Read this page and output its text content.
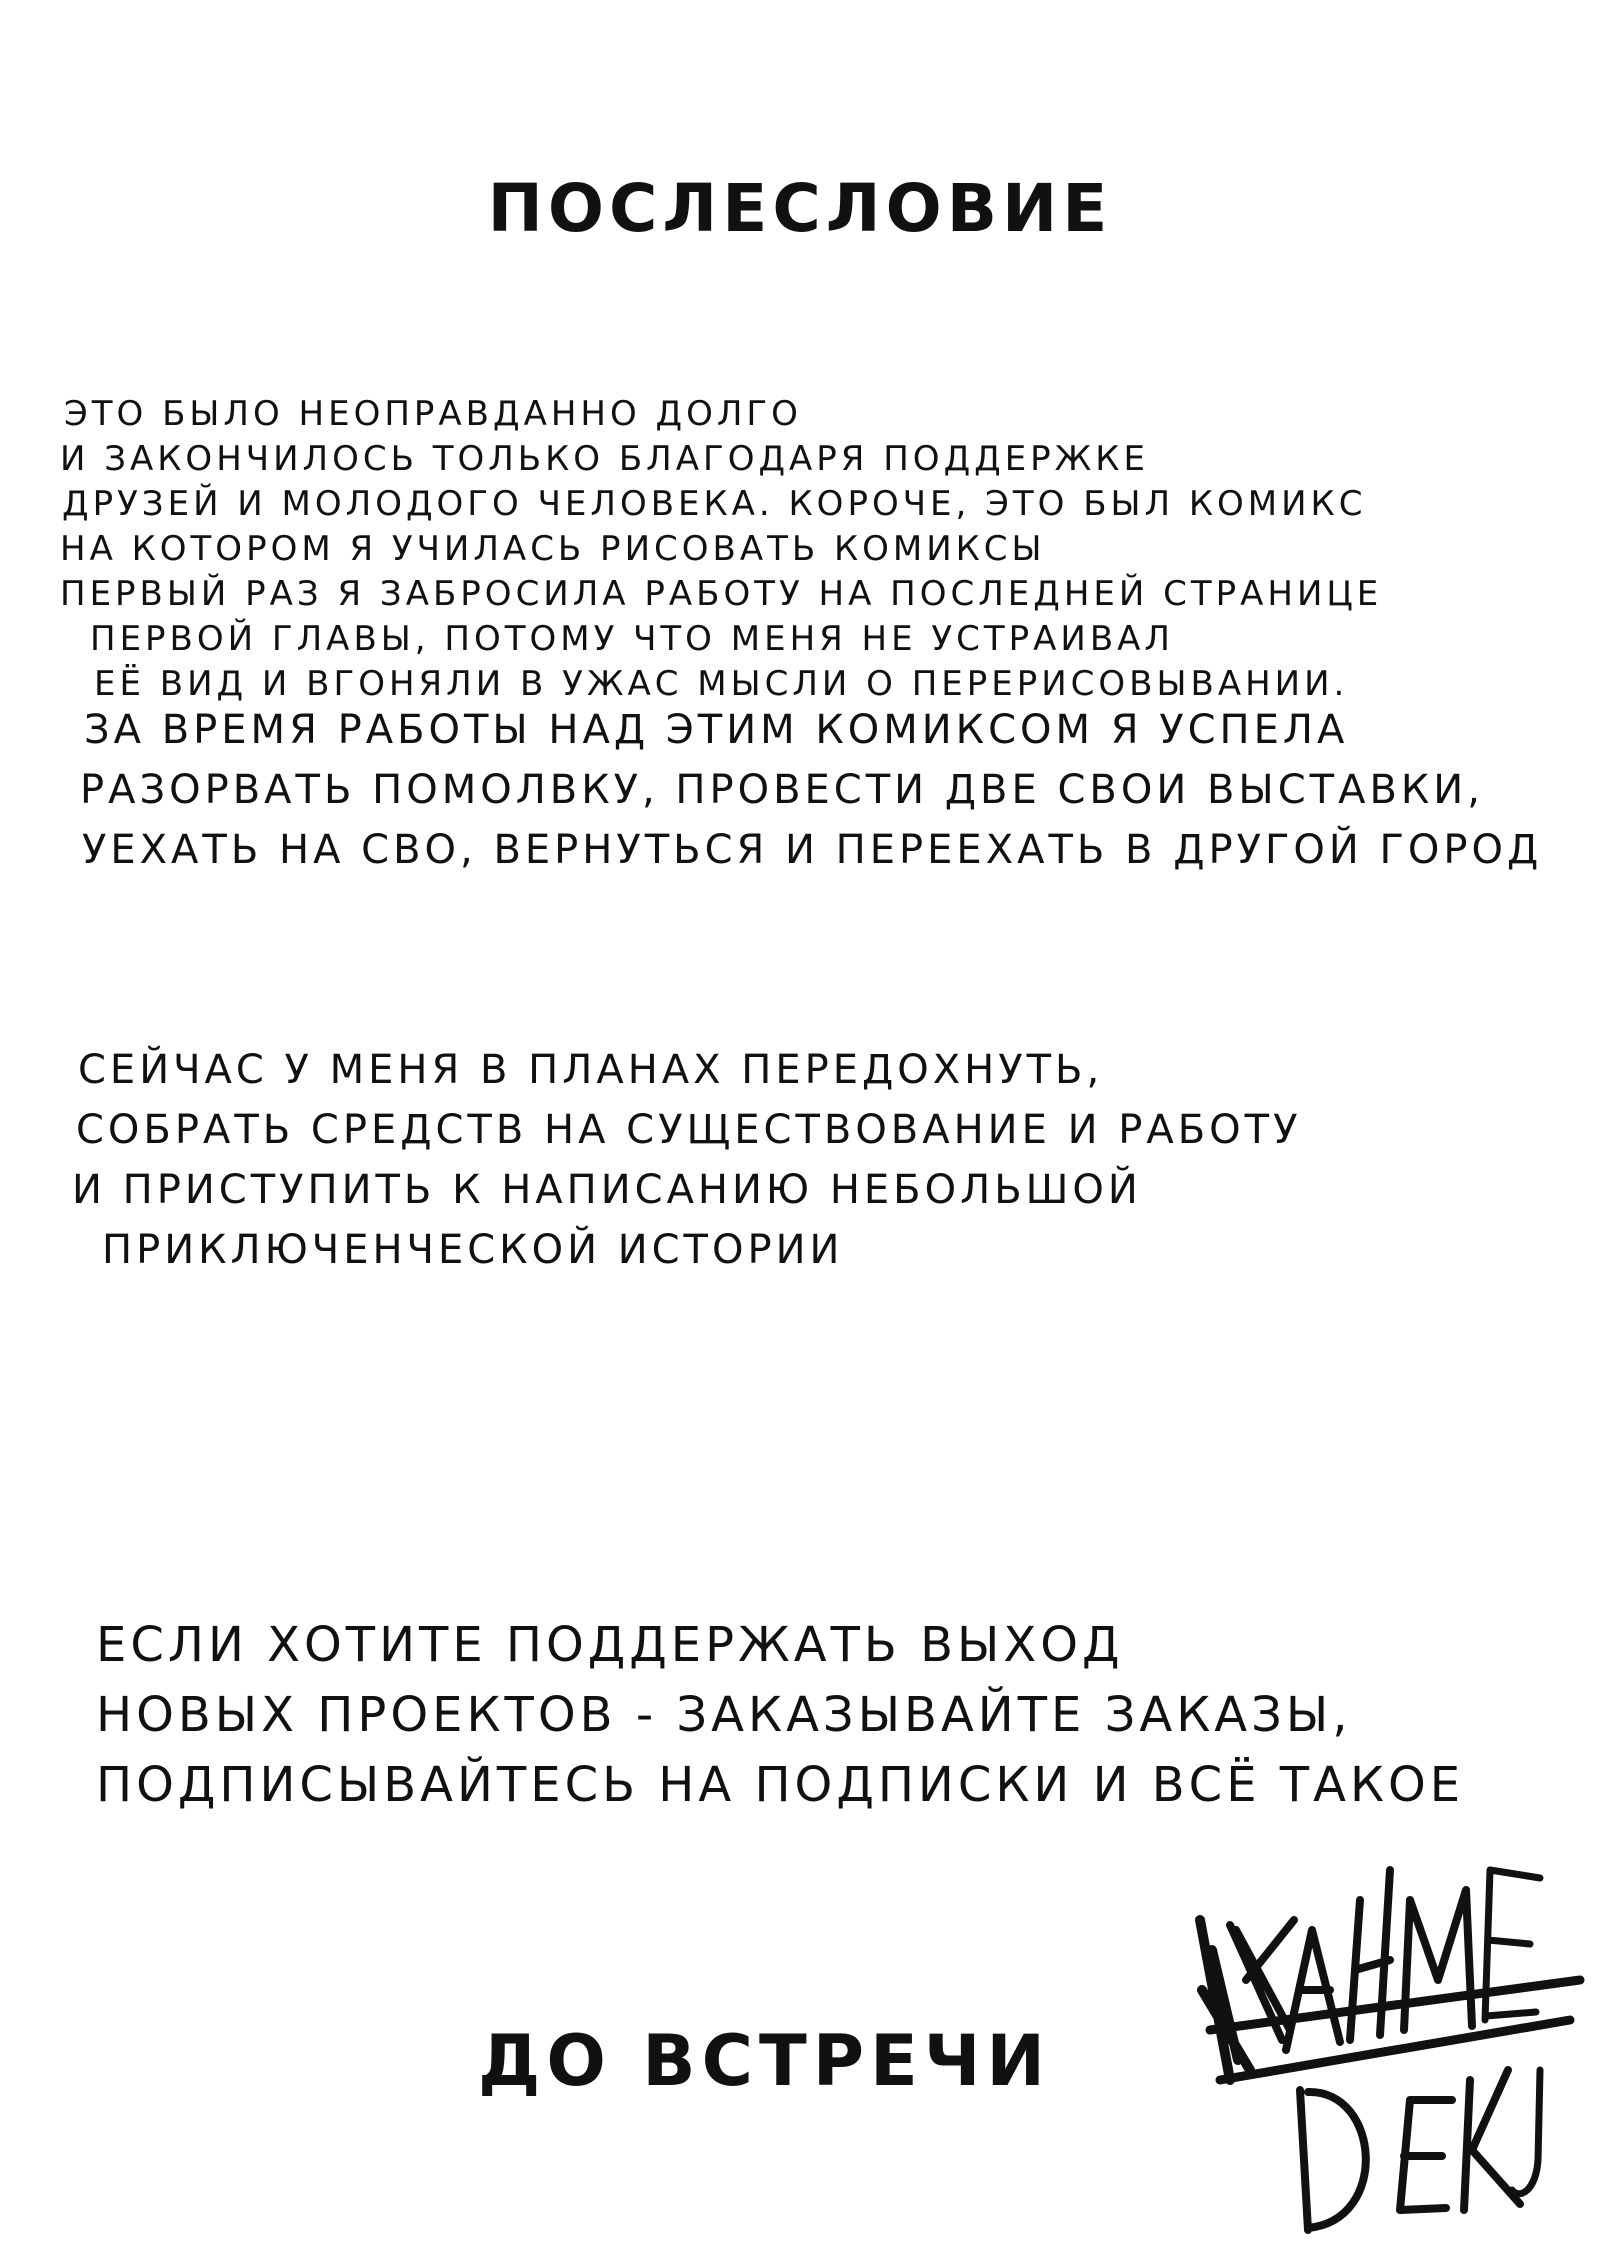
ПОСЛЕСЛОВИЕ
ЭТО БЫЛО НЕОПРАВДАННО ДОЛГО
И ЗАКОНЧИЛОСЬ ТОЛЬКО БЛАГОДАРЯ ПОДДЕРЖКЕ
ДРУЗЕЙ И МОЛОДОГО ЧЕЛОВЕКА. КОРОЧЕ, ЭТО БЫЛ КОМИКС
НА КОТОРОМ Я УЧИЛАСЬ РИСОВАТЬ КОМИКСЫ
ПЕРВЫЙ РАЗ Я ЗАБРОСИЛА РАБОТУ НА ПОСЛЕДНЕЙ СТРАНИЦЕ
ПЕРВОЙ ГЛАВЫ, ПОТОМУ ЧТО МЕНЯ НЕ УСТРАИВАЛ
ЕЁ ВИД И ВГОНЯЛИ В УЖАС МЫСЛИ О ПЕРЕРИСОВЫВАНИИ.
ЗА ВРЕМЯ РАБОТЫ НАД ЭТИМ КОМИКСОМ Я УСПЕЛА
РАЗОРВАТЬ ПОМОЛВКУ, ПРОВЕСТИ ДВЕ СВОИ ВЫСТАВКИ,
УЕХАТЬ НА СВО, ВЕРНУТЬСЯ И ПЕРЕЕХАТЬ В ДРУГОЙ ГОРОД
СЕЙЧАС У МЕНЯ В ПЛАНАХ ПЕРЕДОХНУТЬ,
СОБРАТЬ СРЕДСТВ НА СУЩЕСТВОВАНИЕ И РАБОТУ
И ПРИСТУПИТЬ К НАПИСАНИЮ НЕБОЛЬШОЙ
ПРИКЛЮЧЕНЧЕСКОЙ ИСТОРИИ
ЕСЛИ ХОТИТЕ ПОДДЕРЖАТЬ ВЫХОД
НОВЫХ ПРОЕКТОВ - ЗАКАЗЫВАЙТЕ ЗАКАЗЫ,
ПОДПИСЫВАЙТЕСЬ НА ПОДПИСКИ И ВСЁ ТАКОЕ
ДО ВСТРЕЧИ
